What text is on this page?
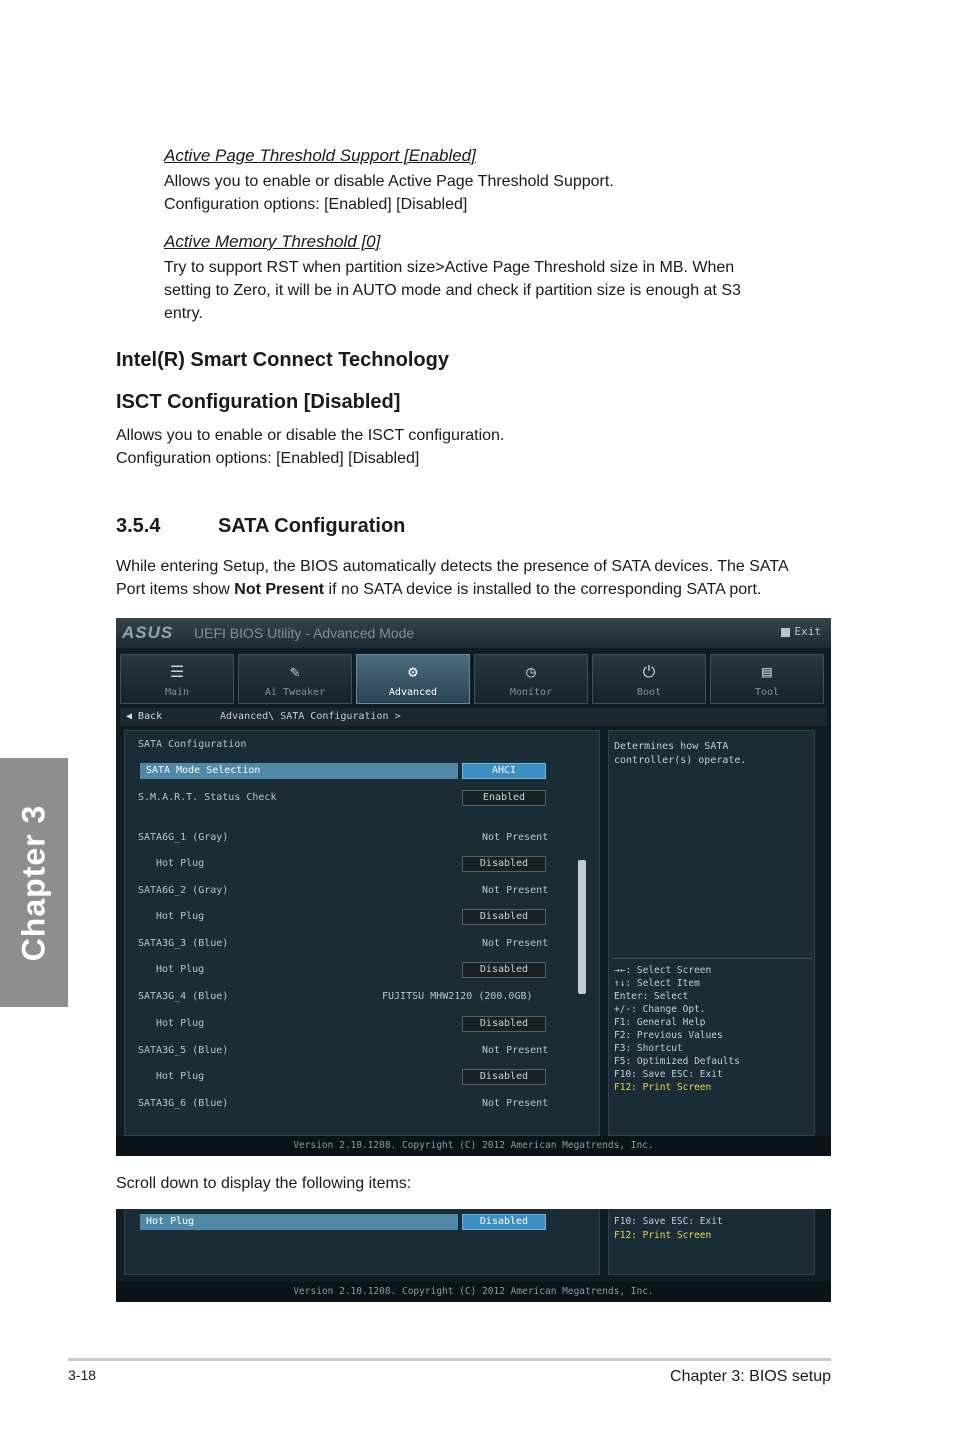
Active Page Threshold Support [Enabled]

Allows you to enable or disable Active Page Threshold Support.

Configuration options: [Enabled] [Disabled]

Active Memory Threshold [0]

Try to support RST when partition size>Active Page Threshold size in MB. When

setting to Zero, it will be in AUTO mode and check if partition size is enough at S3

entry.

Intel(R) Smart Connect Technology
ISCT Configuration [Disabled]

Allows you to enable or disable the ISCT configuration.

Configuration options: [Enabled] [Disabled]

3.5.4	SATA Configuration

While entering Setup, the BIOS automatically detects the presence of SATA devices. The SATA

Port items show Not Present if no SATA device is installed to the corresponding SATA port.

Chapter 3
ASUS UEFI BIOS Utility - Advanced Mode	Exit
☰
Main
✎
Ai Tweaker
⚙
Advanced
◷
Monitor
⏻
Boot
▤
Tool
◀ Back	Advanced\ SATA Configuration >
SATA Configuration
SATA Mode Selection	AHCI
S.M.A.R.T. Status Check	Enabled
SATA6G_1 (Gray)	Not Present
Hot Plug	Disabled
SATA6G_2 (Gray)	Not Present
Hot Plug	Disabled
SATA3G_3 (Blue)	Not Present
Hot Plug	Disabled
SATA3G_4 (Blue)	FUJITSU MHW2120 (200.0GB)
Hot Plug	Disabled
SATA3G_5 (Blue)	Not Present
Hot Plug	Disabled
SATA3G_6 (Blue)	Not Present
Determines how SATA controller(s) operate.
→←: Select Screen
↑↓: Select Item
Enter: Select
+/-: Change Opt.
F1: General Help
F2: Previous Values
F3: Shortcut
F5: Optimized Defaults
F10: Save ESC: Exit
F12: Print Screen
Version 2.10.1208. Copyright (C) 2012 American Megatrends, Inc.

Scroll down to display the following items:

Hot Plug	Disabled	F10: Save ESC: Exit
F12: Print Screen
Version 2.10.1208. Copyright (C) 2012 American Megatrends, Inc.
3-18	Chapter 3: BIOS setup
